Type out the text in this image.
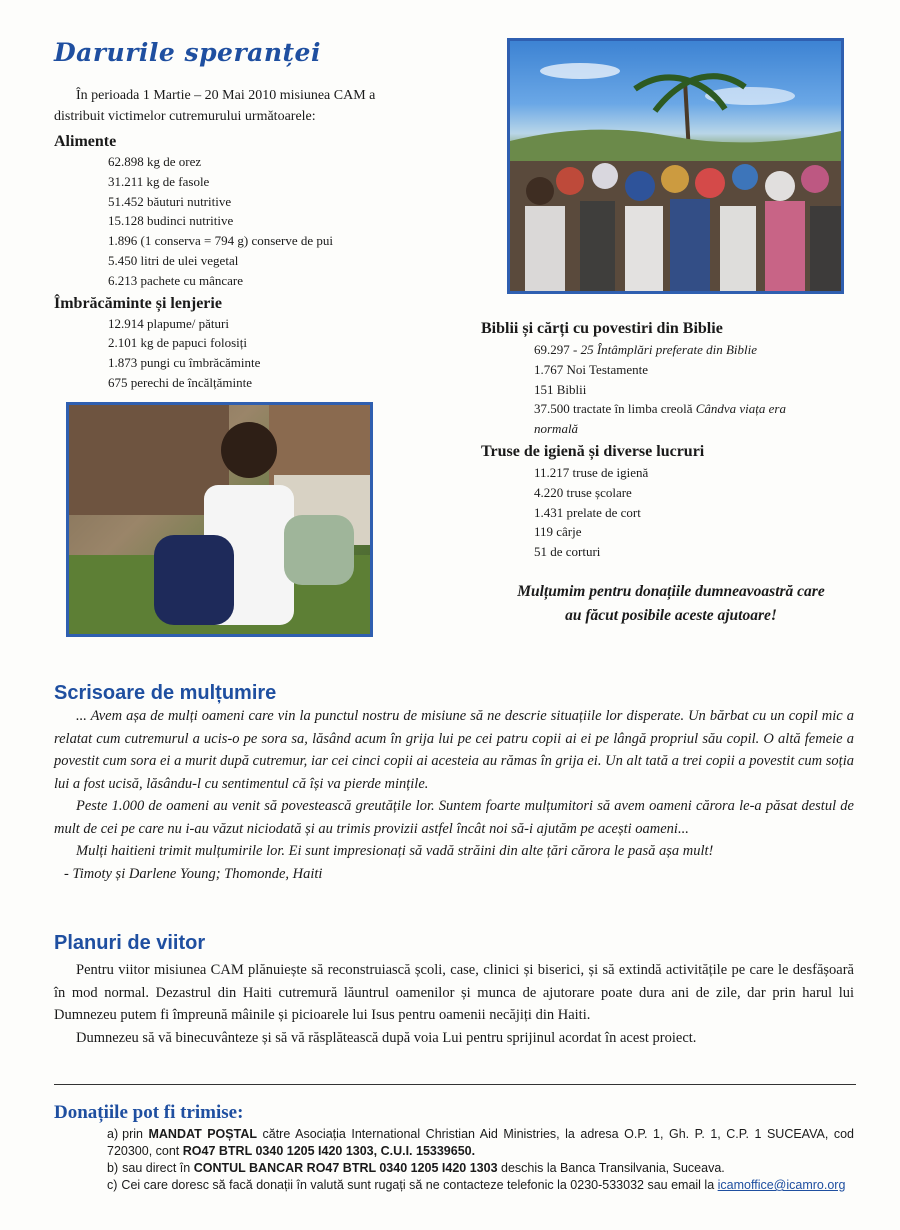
Darurile speranței
În perioada 1 Martie – 20 Mai 2010 misiunea CAM a
distribuit victimelor cutremurului următoarele:
Alimente
62.898 kg de orez
31.211 kg de fasole
51.452 băuturi nutritive
15.128 budinci nutritive
1.896 (1 conserva = 794 g) conserve de pui
5.450 litri de ulei vegetal
6.213 pachete cu mâncare
Îmbrăcăminte și lenjerie
12.914 plapume/ pături
2.101 kg de papuci folosiți
1.873 pungi cu îmbrăcăminte
675 perechi de încălțăminte
Biblii și cărți cu povestiri din Biblie
69.297 - 25 Întâmplări preferate din Biblie
1.767 Noi Testamente
151 Biblii
37.500 tractate în limba creolă Cândva viața era
normală
Truse de igienă și diverse lucruri
11.217 truse de igienă
4.220 truse școlare
1.431 prelate de cort
119 cârje
51 de corturi
Mulțumim pentru donațiile dumneavoastră care
au făcut posibile aceste ajutoare!
Scrisoare de mulțumire

... Avem așa de mulți oameni care vin la punctul nostru de misiune să ne descrie situațiile lor disperate. Un bărbat cu un copil mic a relatat cum cutremurul a ucis-o pe sora sa, lăsând acum în grija lui pe cei patru copii ai ei pe lângă propriul său copil. O altă femeie a povestit cum sora ei a murit după cutremur, iar cei cinci copii ai acesteia au rămas în grija ei. Un alt tată a trei copii a povestit cum soția lui a fost ucisă, lăsându-l cu sentimentul că își va pierde mințile.

Peste 1.000 de oameni au venit să povestească greutățile lor. Suntem foarte mulțumitori să avem oameni cărora le-a păsat destul de mult de cei pe care nu i-au văzut niciodată și au trimis provizii astfel încât noi să-i ajutăm pe acești oameni...

Mulți haitieni trimit mulțumirile lor. Ei sunt impresionați să vadă străini din alte țări cărora le pasă așa mult!

- Timoty și Darlene Young; Thomonde, Haiti

Planuri de viitor

Pentru viitor misiunea CAM plănuiește să reconstruiască școli, case, clinici și biserici, și să extindă activitățile pe care le desfășoară în mod normal. Dezastrul din Haiti cutremură lăuntrul oamenilor și munca de ajutorare poate dura ani de zile, dar prin harul lui Dumnezeu putem fi împreună mâinile și picioarele lui Isus pentru oamenii necăjiți din Haiti.

Dumnezeu să vă binecuvânteze și să vă răsplătească după voia Lui pentru sprijinul acordat în acest proiect.

Donațiile pot fi trimise:
a) prin MANDAT POȘTAL către Asociația International Christian Aid Ministries, la adresa O.P. 1, Gh. P. 1, C.P. 1 SUCEAVA, cod 720300, cont RO47 BTRL 0340 1205 I420 1303, C.U.I. 15339650.
b) sau direct în CONTUL BANCAR RO47 BTRL 0340 1205 I420 1303 deschis la Banca Transilvania, Suceava.
c) Cei care doresc să facă donații în valută sunt rugați să ne contacteze telefonic la 0230-533032 sau email la icamoffice@icamro.org
